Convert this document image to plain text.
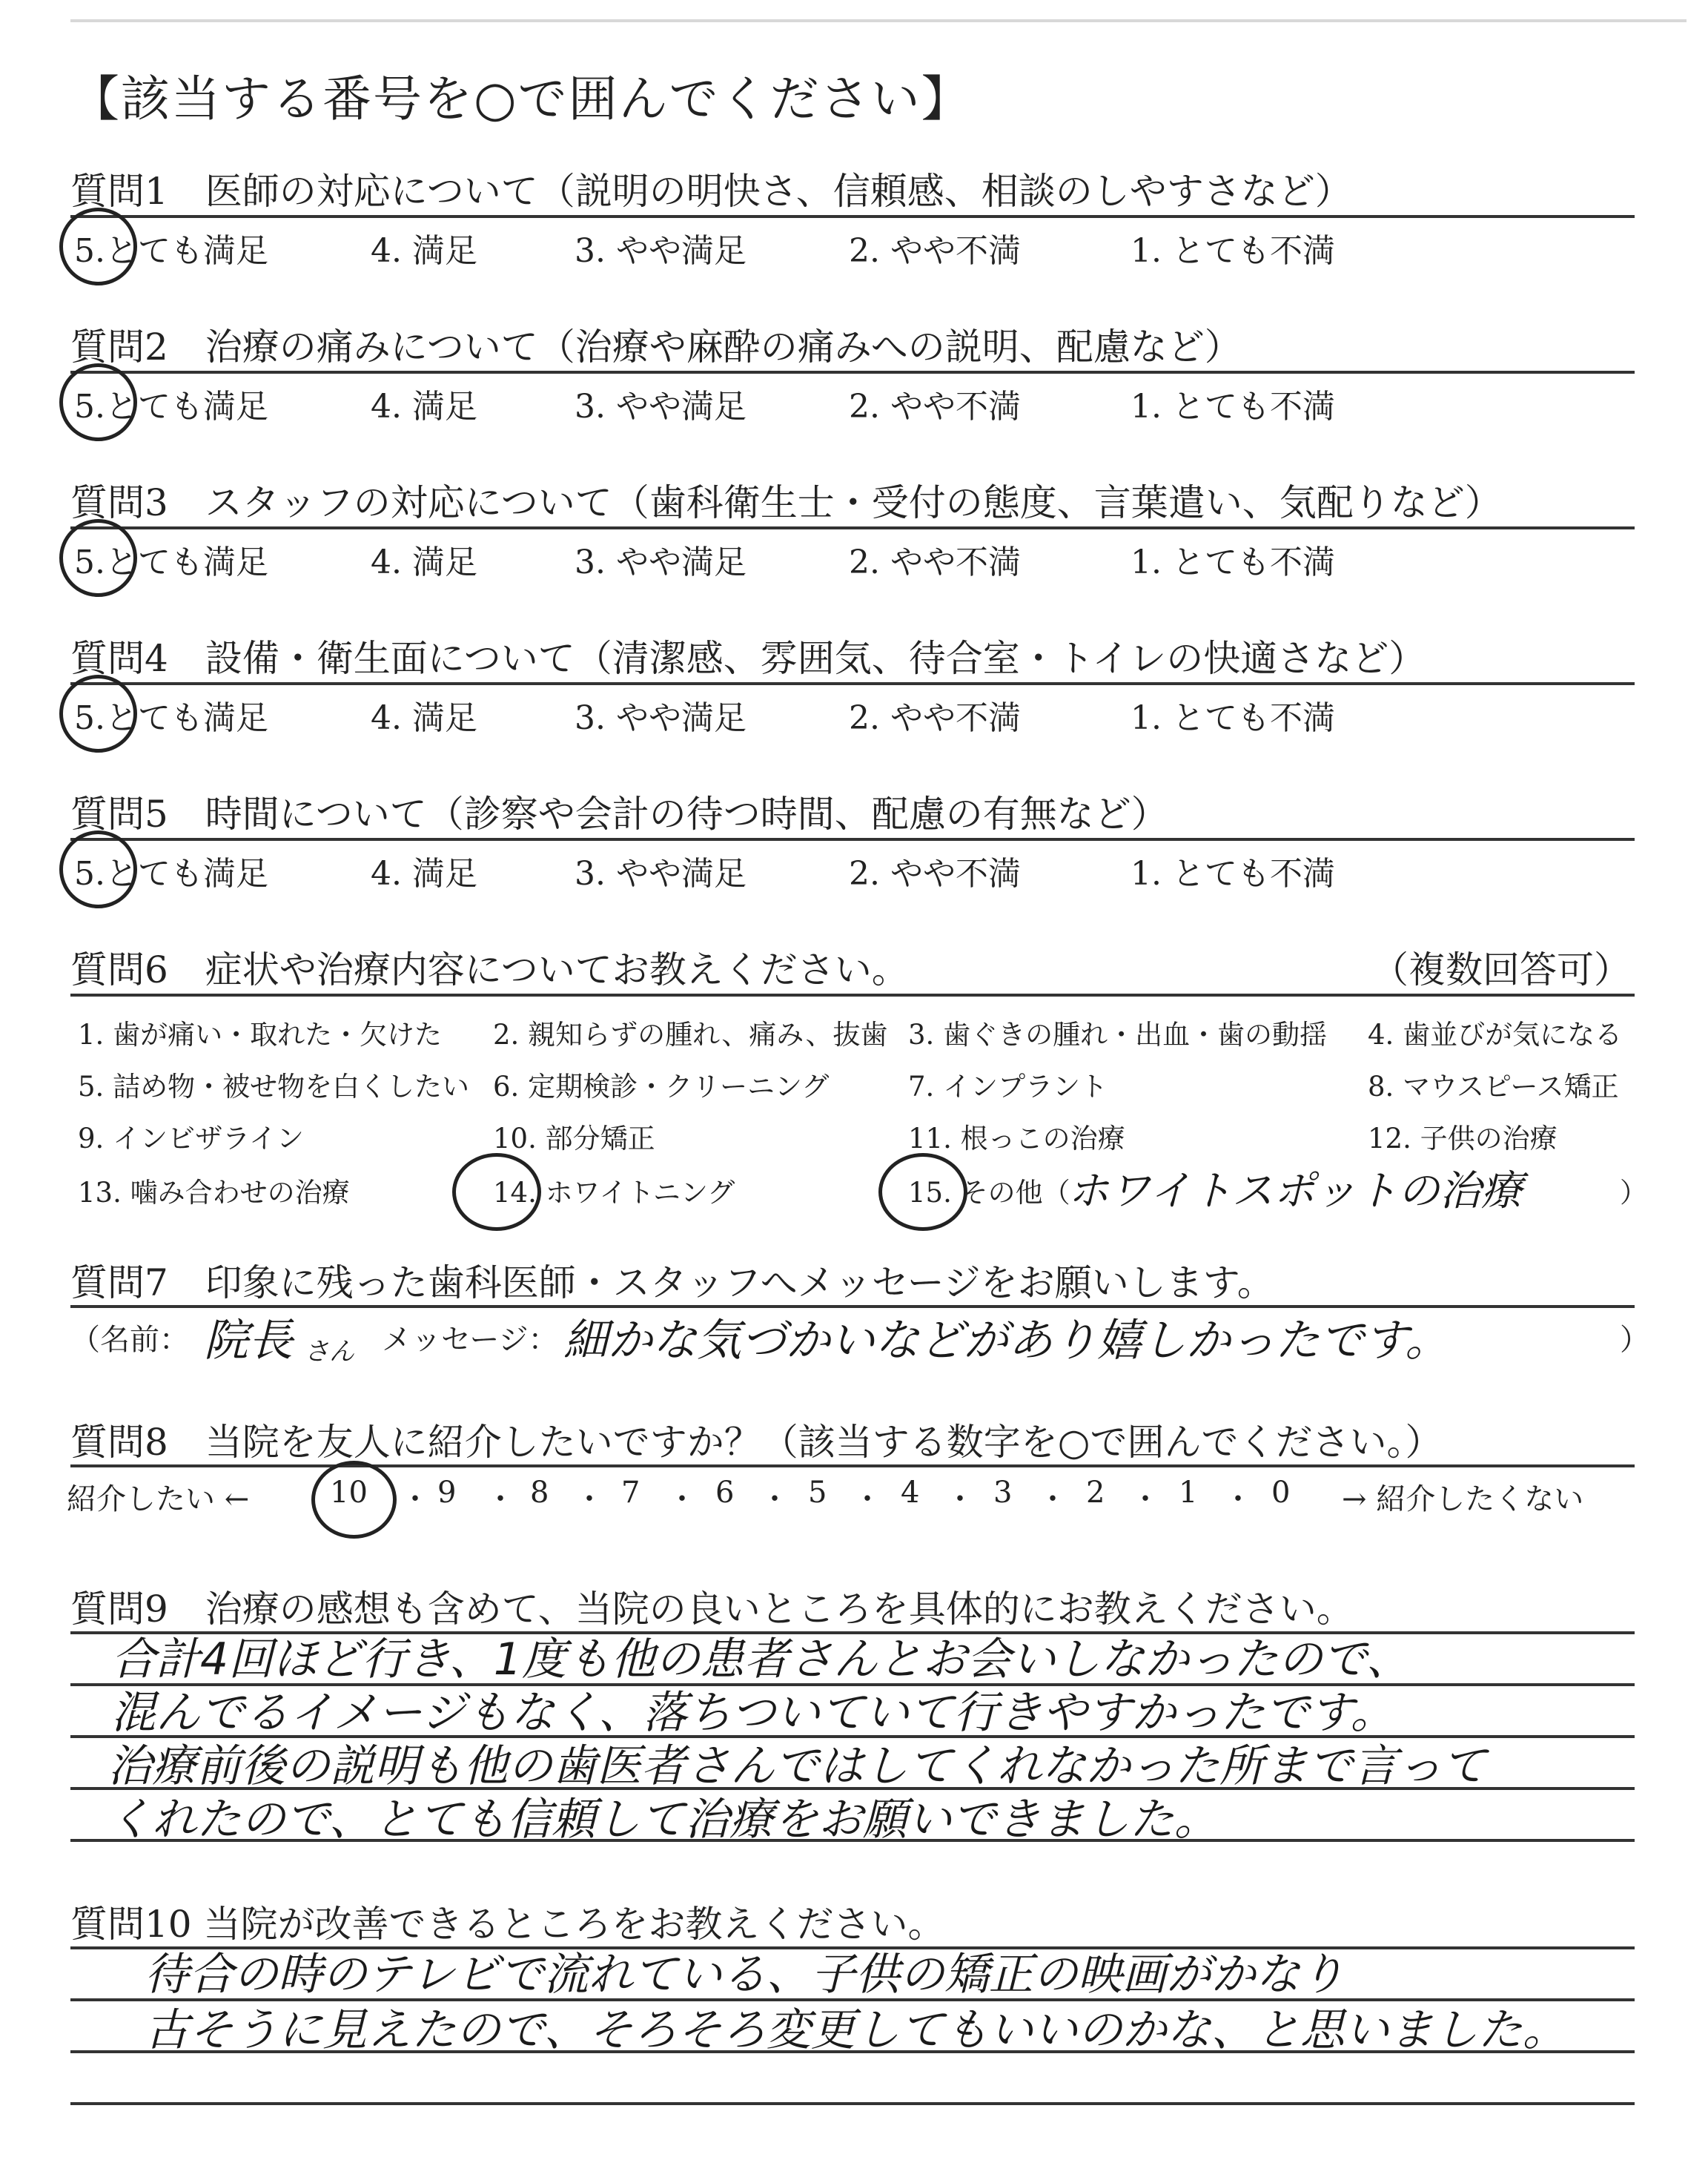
【該当する番号を○で囲んでください】
質問1　医師の対応について（説明の明快さ、信頼感、相談のしやすさなど）
5.とても満足	4. 満足	3. やや満足	2. やや不満	1. とても不満
質問2　治療の痛みについて（治療や麻酔の痛みへの説明、配慮など）
5.とても満足	4. 満足	3. やや満足	2. やや不満	1. とても不満
質問3　スタッフの対応について（歯科衛生士・受付の態度、言葉遣い、気配りなど）
5.とても満足	4. 満足	3. やや満足	2. やや不満	1. とても不満
質問4　設備・衛生面について（清潔感、雰囲気、待合室・トイレの快適さなど）
5.とても満足	4. 満足	3. やや満足	2. やや不満	1. とても不満
質問5　時間について（診察や会計の待つ時間、配慮の有無など）
5.とても満足	4. 満足	3. やや満足	2. やや不満	1. とても不満
質問6　症状や治療内容についてお教えください。	（複数回答可）
1. 歯が痛い・取れた・欠けた 2. 親知らずの腫れ、痛み、抜歯 3. 歯ぐきの腫れ・出血・歯の動揺 4. 歯並びが気になる
5. 詰め物・被せ物を白くしたい 6. 定期検診・クリーニング	7. インプラント	8. マウスピース矯正
9. インビザライン	10. 部分矯正	11. 根っこの治療	12. 子供の治療
13. 噛み合わせの治療	14. ホワイトニング	15. その他（
ホワイトスポットの治療	）
質問7　印象に残った歯科医師・スタッフへメッセージをお願いします。
（名前： 院長 さん メッセージ： 細かな気づかいなどがあり嬉しかったです。	）
質問8　当院を友人に紹介したいですか？（該当する数字を○で囲んでください。）
紹介したい ←	10 ・ 9 ・ 8 ・ 7 ・ 6 ・ 5 ・ 4 ・ 3 ・ 2 ・ 1 ・ 0 → 紹介したくない
質問9　治療の感想も含めて、当院の良いところを具体的にお教えください。
合計4回ほど行き、1度も他の患者さんとお会いしなかったので、
混んでるイメージもなく、落ちついていて行きやすかったです。
治療前後の説明も他の歯医者さんではしてくれなかった所まで言って
くれたので、とても信頼して治療をお願いできました。
質問10 当院が改善できるところをお教えください。
待合の時のテレビで流れている、子供の矯正の映画がかなり
古そうに見えたので、そろそろ変更してもいいのかな、と思いました。
